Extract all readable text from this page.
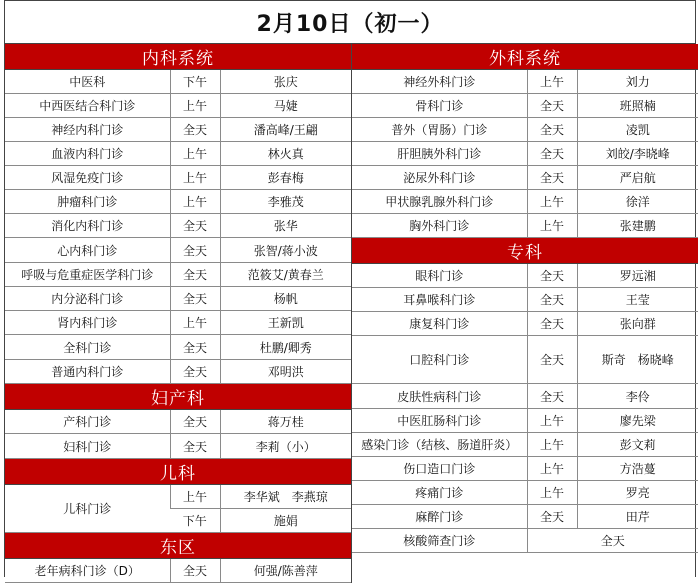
2月10日（初一）
内科系统		
中医科	下午	张庆
中西医结合科门诊	上午	马婕
神经内科门诊	全天	潘高峰/王翩
血液内科门诊	上午	林火真
风湿免疫门诊	上午	彭春梅
肿瘤科门诊	上午	李雅茂
消化内科门诊	全天	张华
心内科门诊	全天	张智/蒋小波
呼吸与危重症医学科门诊	全天	范筱艾/黄春兰
内分泌科门诊	全天	杨帆
肾内科门诊	上午	王新凯
全科门诊	全天	杜鹏/卿秀
普通内科门诊	全天	邓明洪
妇产科		
产科门诊	全天	蒋万桂
妇科门诊	全天	李莉（小）
儿科		
儿科门诊	上午	李华斌　李燕琼
	下午	施娟
东区		
老年病科门诊（D）	全天	何强/陈善萍
外科系统		
神经外科门诊	上午	刘力
骨科门诊	全天	班照楠
普外（胃肠）门诊	全天	凌凯
肝胆胰外科门诊	全天	刘皎/李晓峰
泌尿外科门诊	全天	严启航
甲状腺乳腺外科门诊	上午	徐洋
胸外科门诊	上午	张建鹏
专科		
眼科门诊	全天	罗远湘
耳鼻喉科门诊	全天	王莹
康复科门诊	全天	张向群
口腔科门诊	全天	斯奇　杨晓峰
皮肤性病科门诊	全天	李伶
中医肛肠科门诊	上午	廖先梁
感染门诊（结核、肠道肝炎）	上午	彭文莉
伤口造口门诊	上午	方浩蔓
疼痛门诊	上午	罗亮
麻醉门诊	全天	田芹
核酸筛查门诊	全天	
